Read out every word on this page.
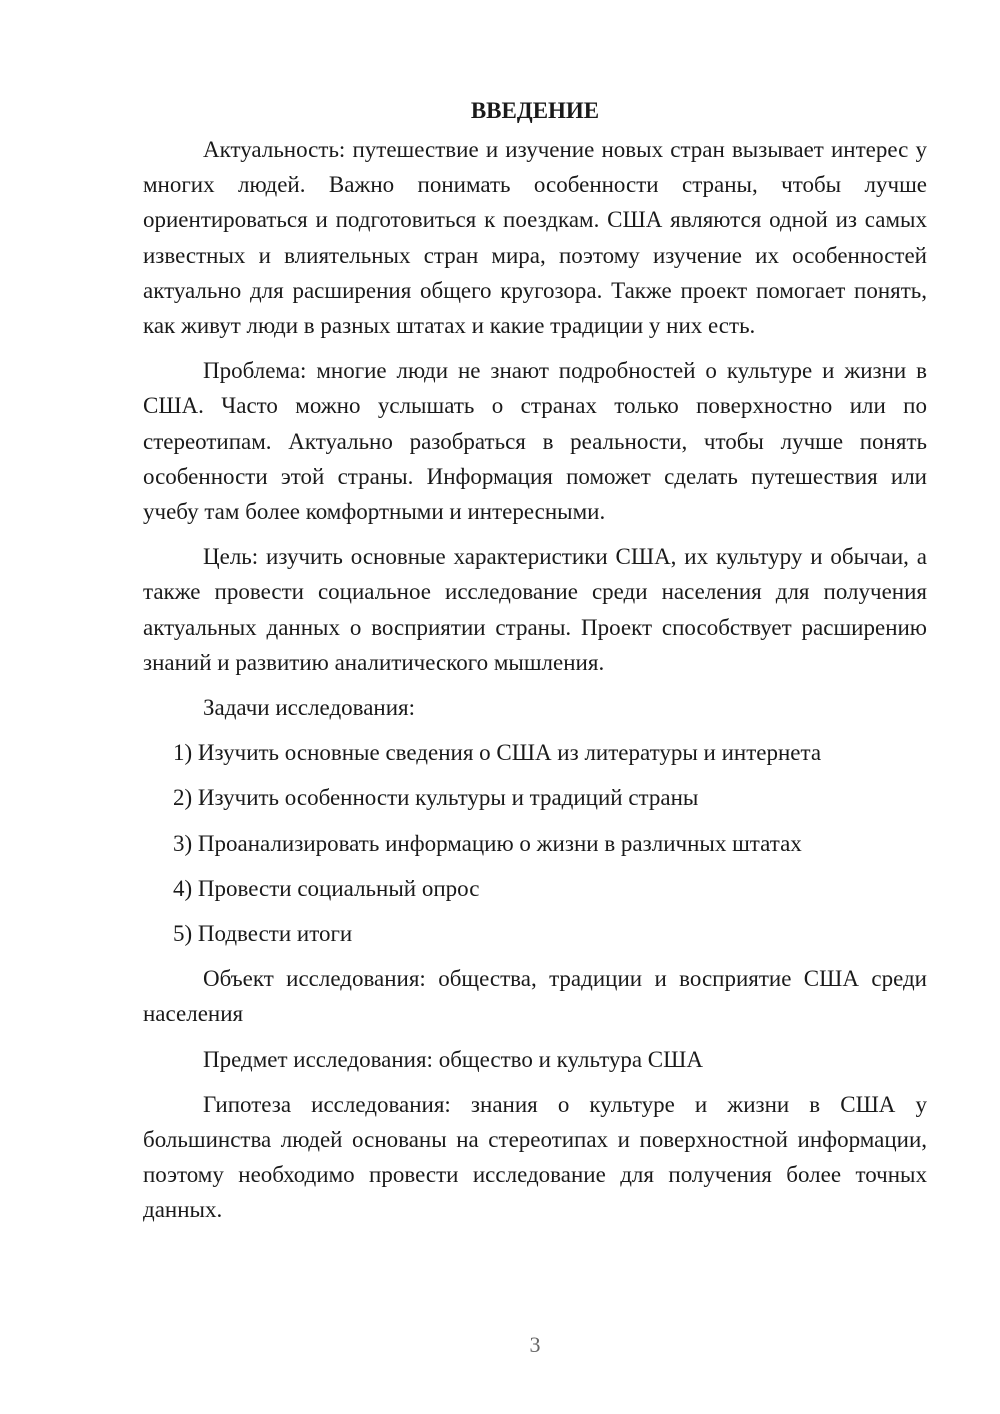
ВВЕДЕНИЕ

Актуальность: путешествие и изучение новых стран вызывает интерес у многих людей. Важно понимать особенности страны, чтобы лучше ориентироваться и подготовиться к поездкам. США являются одной из самых известных и влиятельных стран мира, поэтому изучение их особенностей актуально для расширения общего кругозора. Также проект помогает понять, как живут люди в разных штатах и какие традиции у них есть.

Проблема: многие люди не знают подробностей о культуре и жизни в США. Часто можно услышать о странах только поверхностно или по стереотипам. Актуально разобраться в реальности, чтобы лучше понять особенности этой страны. Информация поможет сделать путешествия или учебу там более комфортными и интересными.

Цель: изучить основные характеристики США, их культуру и обычаи, а также провести социальное исследование среди населения для получения актуальных данных о восприятии страны. Проект способствует расширению знаний и развитию аналитического мышления.

Задачи исследования:

1) Изучить основные сведения о США из литературы и интернета
2) Изучить особенности культуры и традиций страны
3) Проанализировать информацию о жизни в различных штатах
4) Провести социальный опрос
5) Подвести итоги

Объект исследования: общества, традиции и восприятие США среди населения

Предмет исследования: общество и культура США

Гипотеза исследования: знания о культуре и жизни в США у большинства людей основаны на стереотипах и поверхностной информации, поэтому необходимо провести исследование для получения более точных данных.

3
